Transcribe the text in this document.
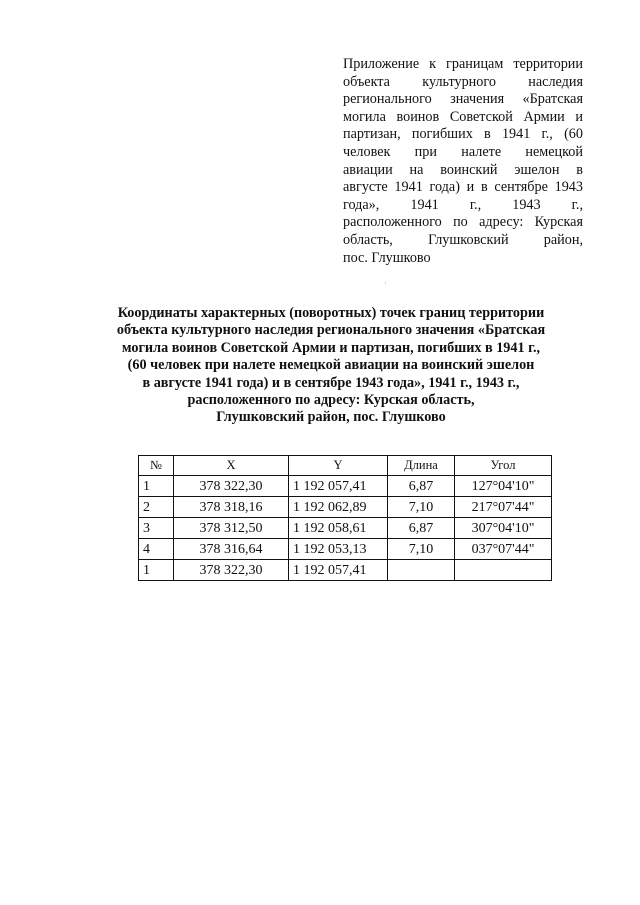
Приложение к границам территории
объекта культурного наследия
регионального значения «Братская
могила воинов Советской Армии и
партизан, погибших в 1941 г., (60
человек при налете немецкой
авиации на воинский эшелон в
августе 1941 года) и в сентябре 1943
года», 1941 г., 1943 г.,
расположенного по адресу: Курская
область, Глушковский район,
пос. Глушково
·
Координаты характерных (поворотных) точек границ территории
объекта культурного наследия регионального значения «Братская
могила воинов Советской Армии и партизан, погибших в 1941 г.,
(60 человек при налете немецкой авиации на воинский эшелон
в августе 1941 года) и в сентябре 1943 года», 1941 г., 1943 г.,
расположенного по адресу: Курская область,
Глушковский район, пос. Глушково
№	X	Y	Длина	Угол
1	378 322,30	1 192 057,41	6,87	127°04'10"
2	378 318,16	1 192 062,89	7,10	217°07'44"
3	378 312,50	1 192 058,61	6,87	307°04'10"
4	378 316,64	1 192 053,13	7,10	037°07'44"
1	378 322,30	1 192 057,41		
